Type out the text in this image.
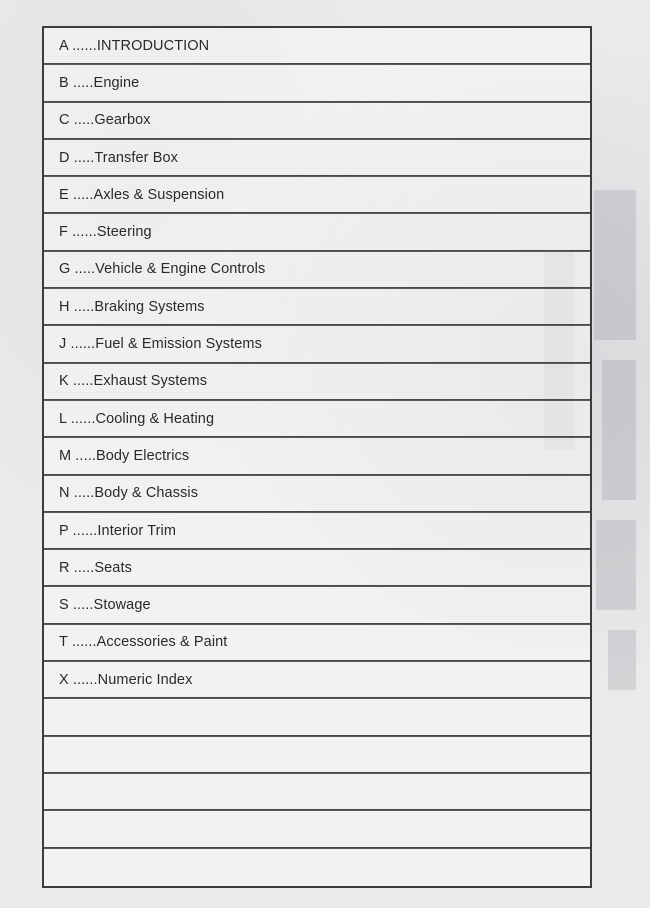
A ......INTRODUCTION
B .....Engine
C .....Gearbox
D .....Transfer Box
E .....Axles & Suspension
F ......Steering
G .....Vehicle & Engine Controls
H .....Braking Systems
J ......Fuel & Emission Systems
K .....Exhaust Systems
L ......Cooling & Heating
M .....Body Electrics
N .....Body & Chassis
P ......Interior Trim
R .....Seats
S .....Stowage
T ......Accessories & Paint
X ......Numeric Index
